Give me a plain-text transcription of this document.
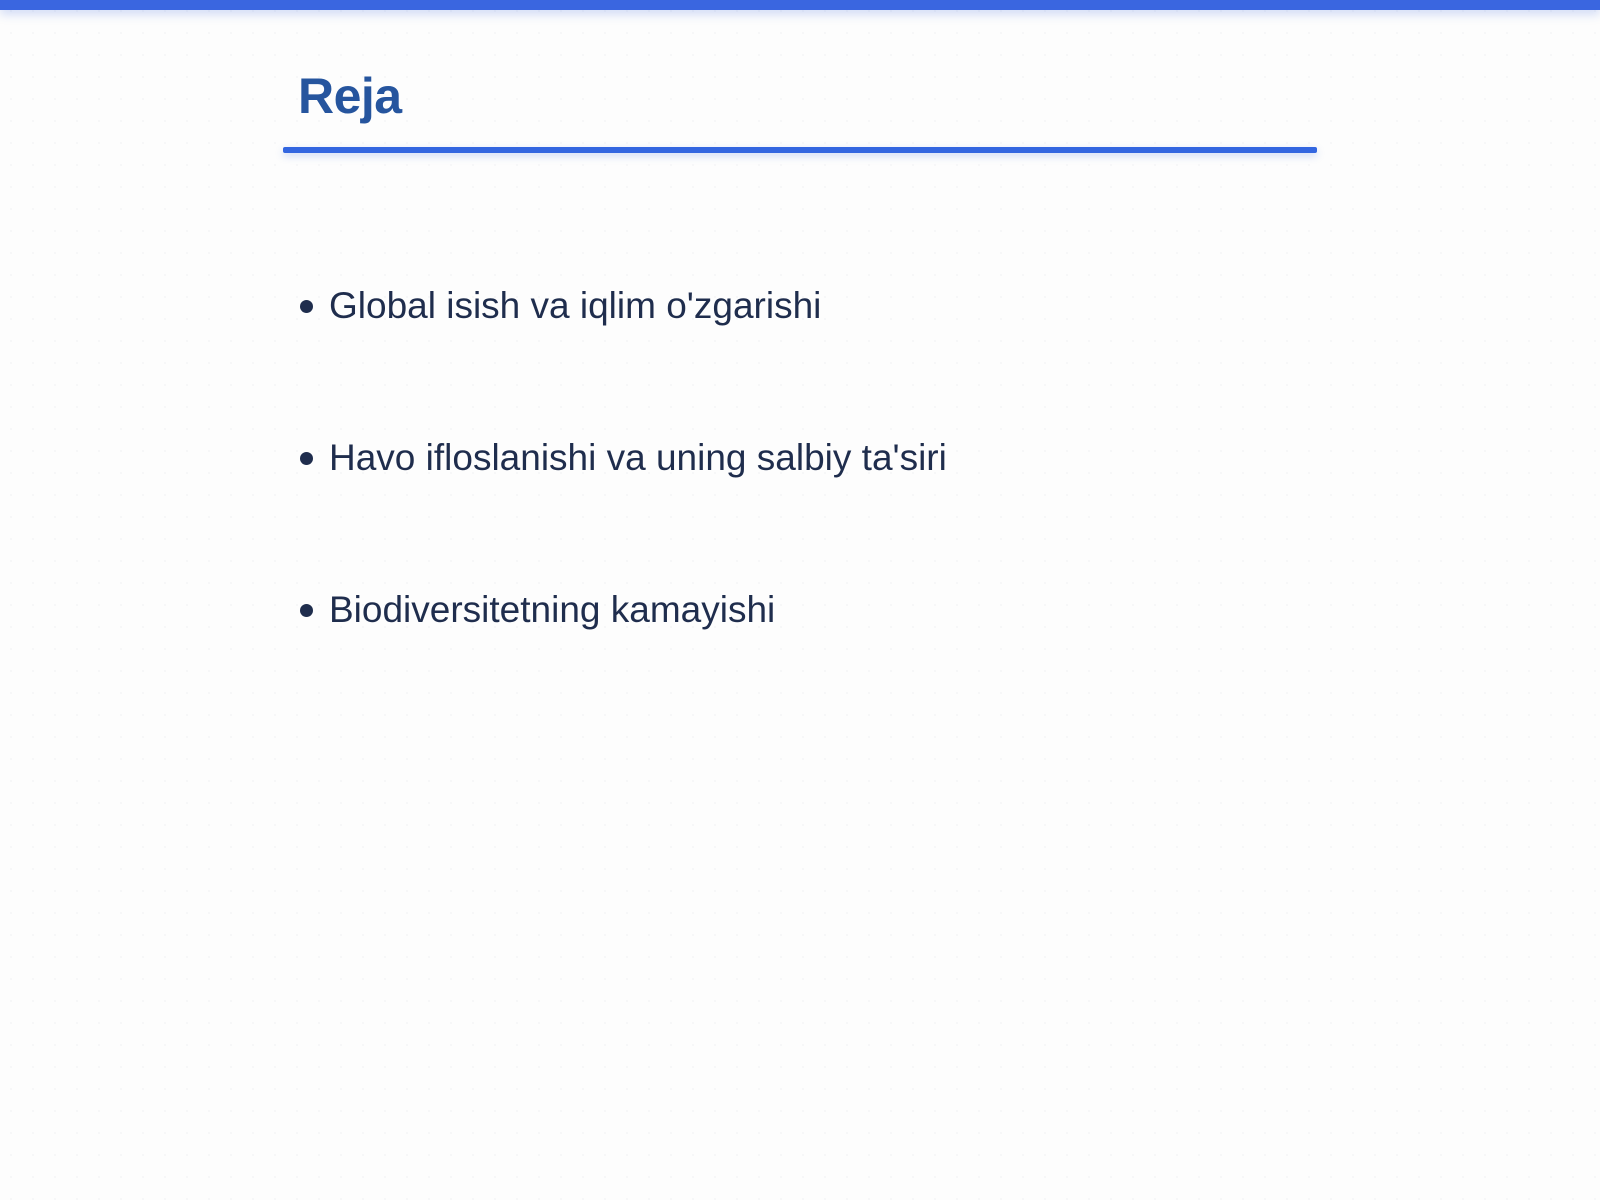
Reja
Global isish va iqlim o'zgarishi
Havo ifloslanishi va uning salbiy ta'siri
Biodiversitetning kamayishi
